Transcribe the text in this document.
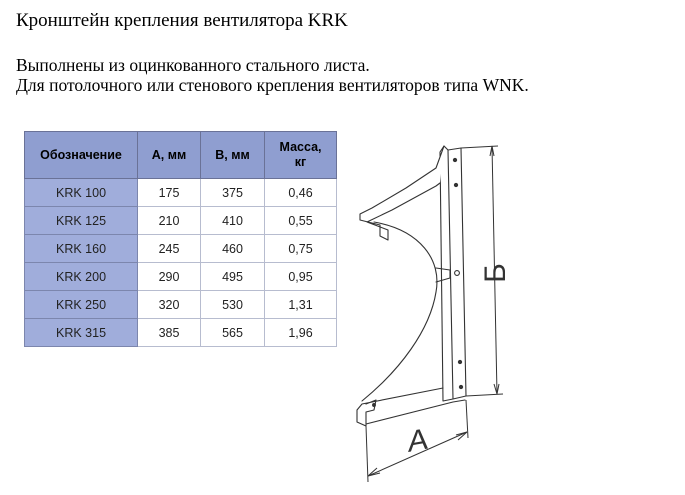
Кронштейн крепления вентилятора KRK
Выполнены из оцинкованного стального листа.
Для потолочного или стенового крепления вентиляторов типа WNK.
Обозначение	А, мм	B, мм	Масса,
кг
KRK 100	175	375	0,46
KRK 125	210	410	0,55
KRK 160	245	460	0,75
KRK 200	290	495	0,95
KRK 250	320	530	1,31
KRK 315	385	565	1,96
Б
A
